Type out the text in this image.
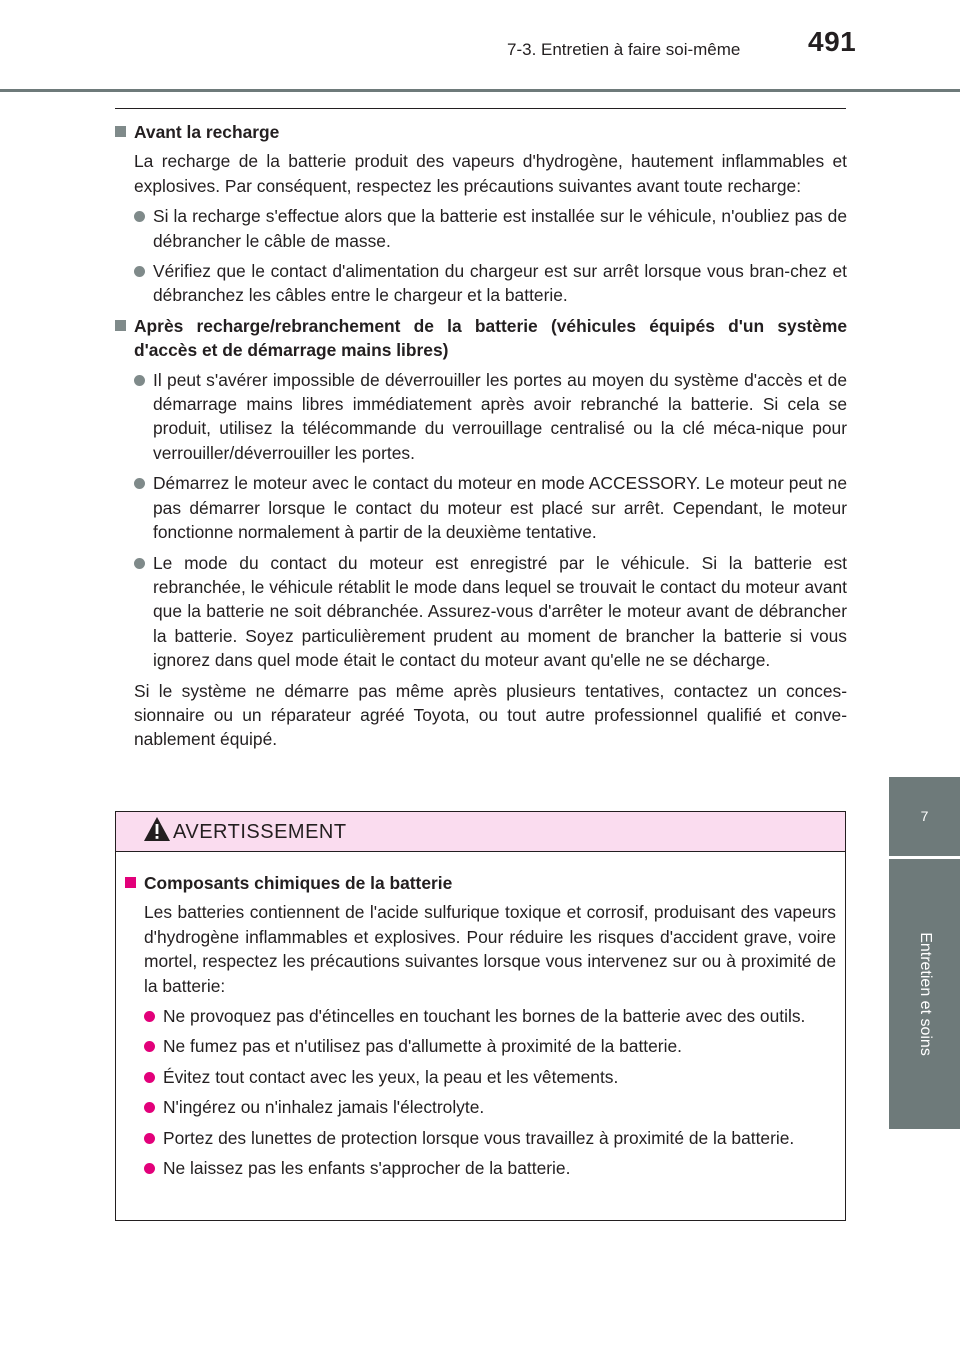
7-3. Entretien à faire soi-même 491
7
Entretien et soins
Avant la recharge
La recharge de la batterie produit des vapeurs d'hydrogène, hautement inflammables et explosives. Par conséquent, respectez les précautions suivantes avant toute recharge:
Si la recharge s'effectue alors que la batterie est installée sur le véhicule, n'oubliez pas de débrancher le câble de masse.
Vérifiez que le contact d'alimentation du chargeur est sur arrêt lorsque vous bran-chez et débranchez les câbles entre le chargeur et la batterie.
Après recharge/rebranchement de la batterie (véhicules équipés d'un système d'accès et de démarrage mains libres)
Il peut s'avérer impossible de déverrouiller les portes au moyen du système d'accès et de démarrage mains libres immédiatement après avoir rebranché la batterie. Si cela se produit, utilisez la télécommande du verrouillage centralisé ou la clé méca-nique pour verrouiller/déverrouiller les portes.
Démarrez le moteur avec le contact du moteur en mode ACCESSORY. Le moteur peut ne pas démarrer lorsque le contact du moteur est placé sur arrêt. Cependant, le moteur fonctionne normalement à partir de la deuxième tentative.
Le mode du contact du moteur est enregistré par le véhicule. Si la batterie est rebranchée, le véhicule rétablit le mode dans lequel se trouvait le contact du moteur avant que la batterie ne soit débranchée. Assurez-vous d'arrêter le moteur avant de débrancher la batterie. Soyez particulièrement prudent au moment de brancher la batterie si vous ignorez dans quel mode était le contact du moteur avant qu'elle ne se décharge.
Si le système ne démarre pas même après plusieurs tentatives, contactez un conces-sionnaire ou un réparateur agréé Toyota, ou tout autre professionnel qualifié et conve-nablement équipé.
AVERTISSEMENT
Composants chimiques de la batterie
Les batteries contiennent de l'acide sulfurique toxique et corrosif, produisant des vapeurs d'hydrogène inflammables et explosives. Pour réduire les risques d'accident grave, voire mortel, respectez les précautions suivantes lorsque vous intervenez sur ou à proximité de la batterie:
Ne provoquez pas d'étincelles en touchant les bornes de la batterie avec des outils.
Ne fumez pas et n'utilisez pas d'allumette à proximité de la batterie.
Évitez tout contact avec les yeux, la peau et les vêtements.
N'ingérez ou n'inhalez jamais l'électrolyte.
Portez des lunettes de protection lorsque vous travaillez à proximité de la batterie.
Ne laissez pas les enfants s'approcher de la batterie.
